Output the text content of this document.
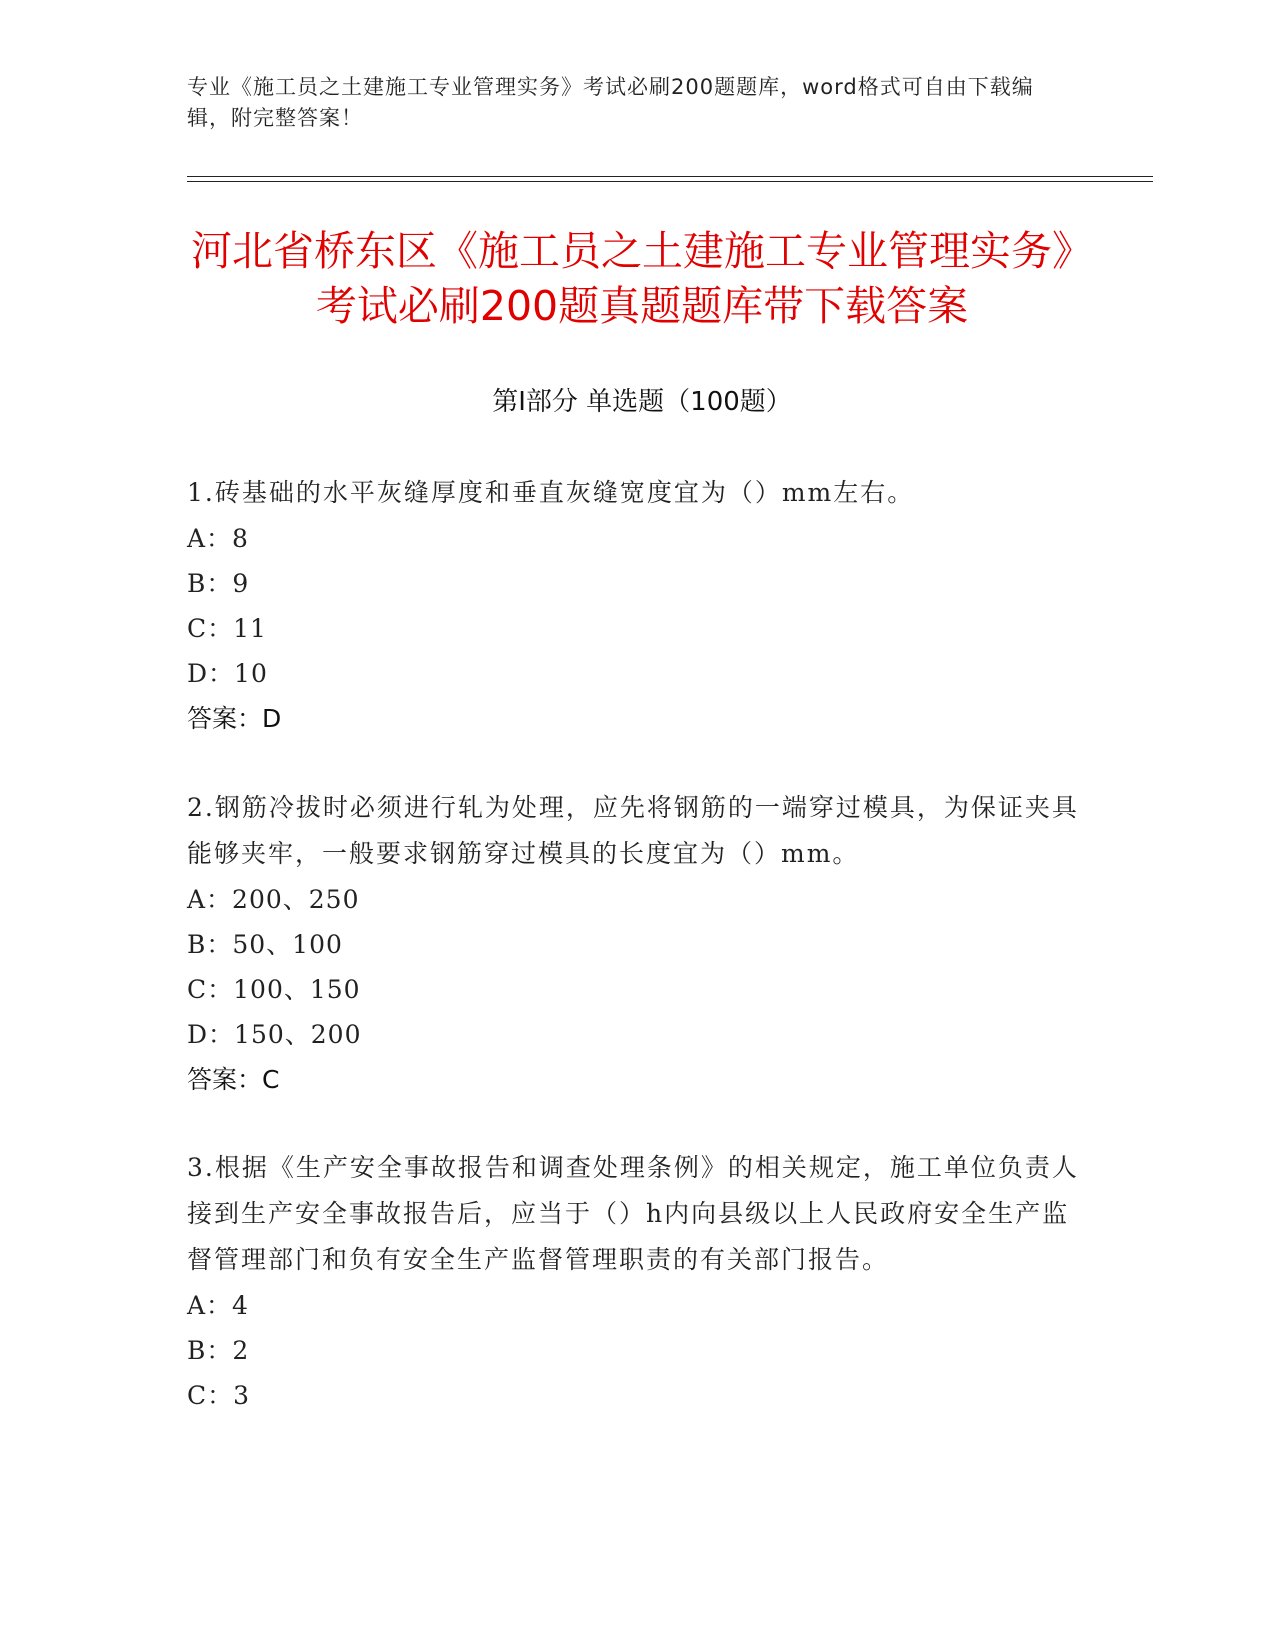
专业《施工员之土建施工专业管理实务》考试必刷200题题库，word格式可自由下载编辑，附完整答案！
河北省桥东区《施工员之土建施工专业管理实务》考试必刷200题真题题库带下载答案
第Ⅰ部分 单选题（100题）
1.砖基础的水平灰缝厚度和垂直灰缝宽度宜为（）mm左右。
A：8
B：9
C：11
D：10
答案：D
2.钢筋冷拔时必须进行轧为处理，应先将钢筋的一端穿过模具，为保证夹具能够夹牢，一般要求钢筋穿过模具的长度宜为（）mm。
A：200、250
B：50、100
C：100、150
D：150、200
答案：C
3.根据《生产安全事故报告和调查处理条例》的相关规定，施工单位负责人接到生产安全事故报告后，应当于（）h内向县级以上人民政府安全生产监督管理部门和负有安全生产监督管理职责的有关部门报告。
A：4
B：2
C：3
